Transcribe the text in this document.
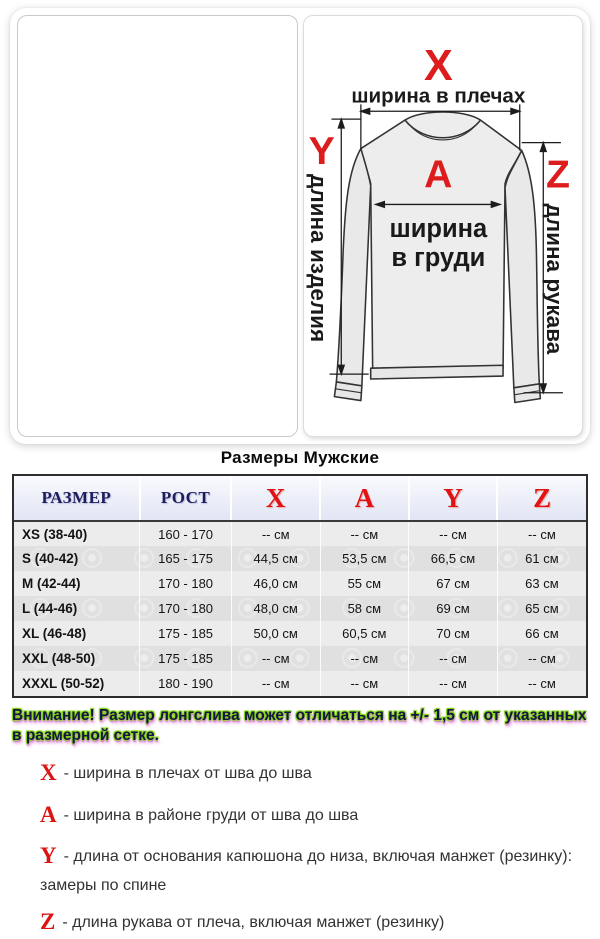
X
ширина в плечах
A
ширина
в груди
Y
длина изделия	Z
длина рукава
Размеры Мужские
РАЗМЕР	РОСТ	X	A	Y	Z
XS (38-40)	160 - 170	-- см	-- см	-- см	-- см
S (40-42)	165 - 175	44,5 см	53,5 см	66,5 см	61 см
M (42-44)	170 - 180	46,0 см	55 см	67 см	63 см
L (44-46)	170 - 180	48,0 см	58 см	69 см	65 см
XL (46-48)	175 - 185	50,0 см	60,5 см	70 см	66 см
XXL (48-50)	175 - 185	-- см	-- см	-- см	-- см
XXXL (50-52)	180 - 190	-- см	-- см	-- см	-- см
Внимание! Размер лонгслива может отличаться на +/- 1,5 см от указанных в размерной сетке.

X - ширина в плечах от шва до шва

A - ширина в районе груди от шва до шва

Y - длина от основания капюшона до низа, включая манжет (резинку): замеры по спине

Z - длина рукава от плеча, включая манжет (резинку)
